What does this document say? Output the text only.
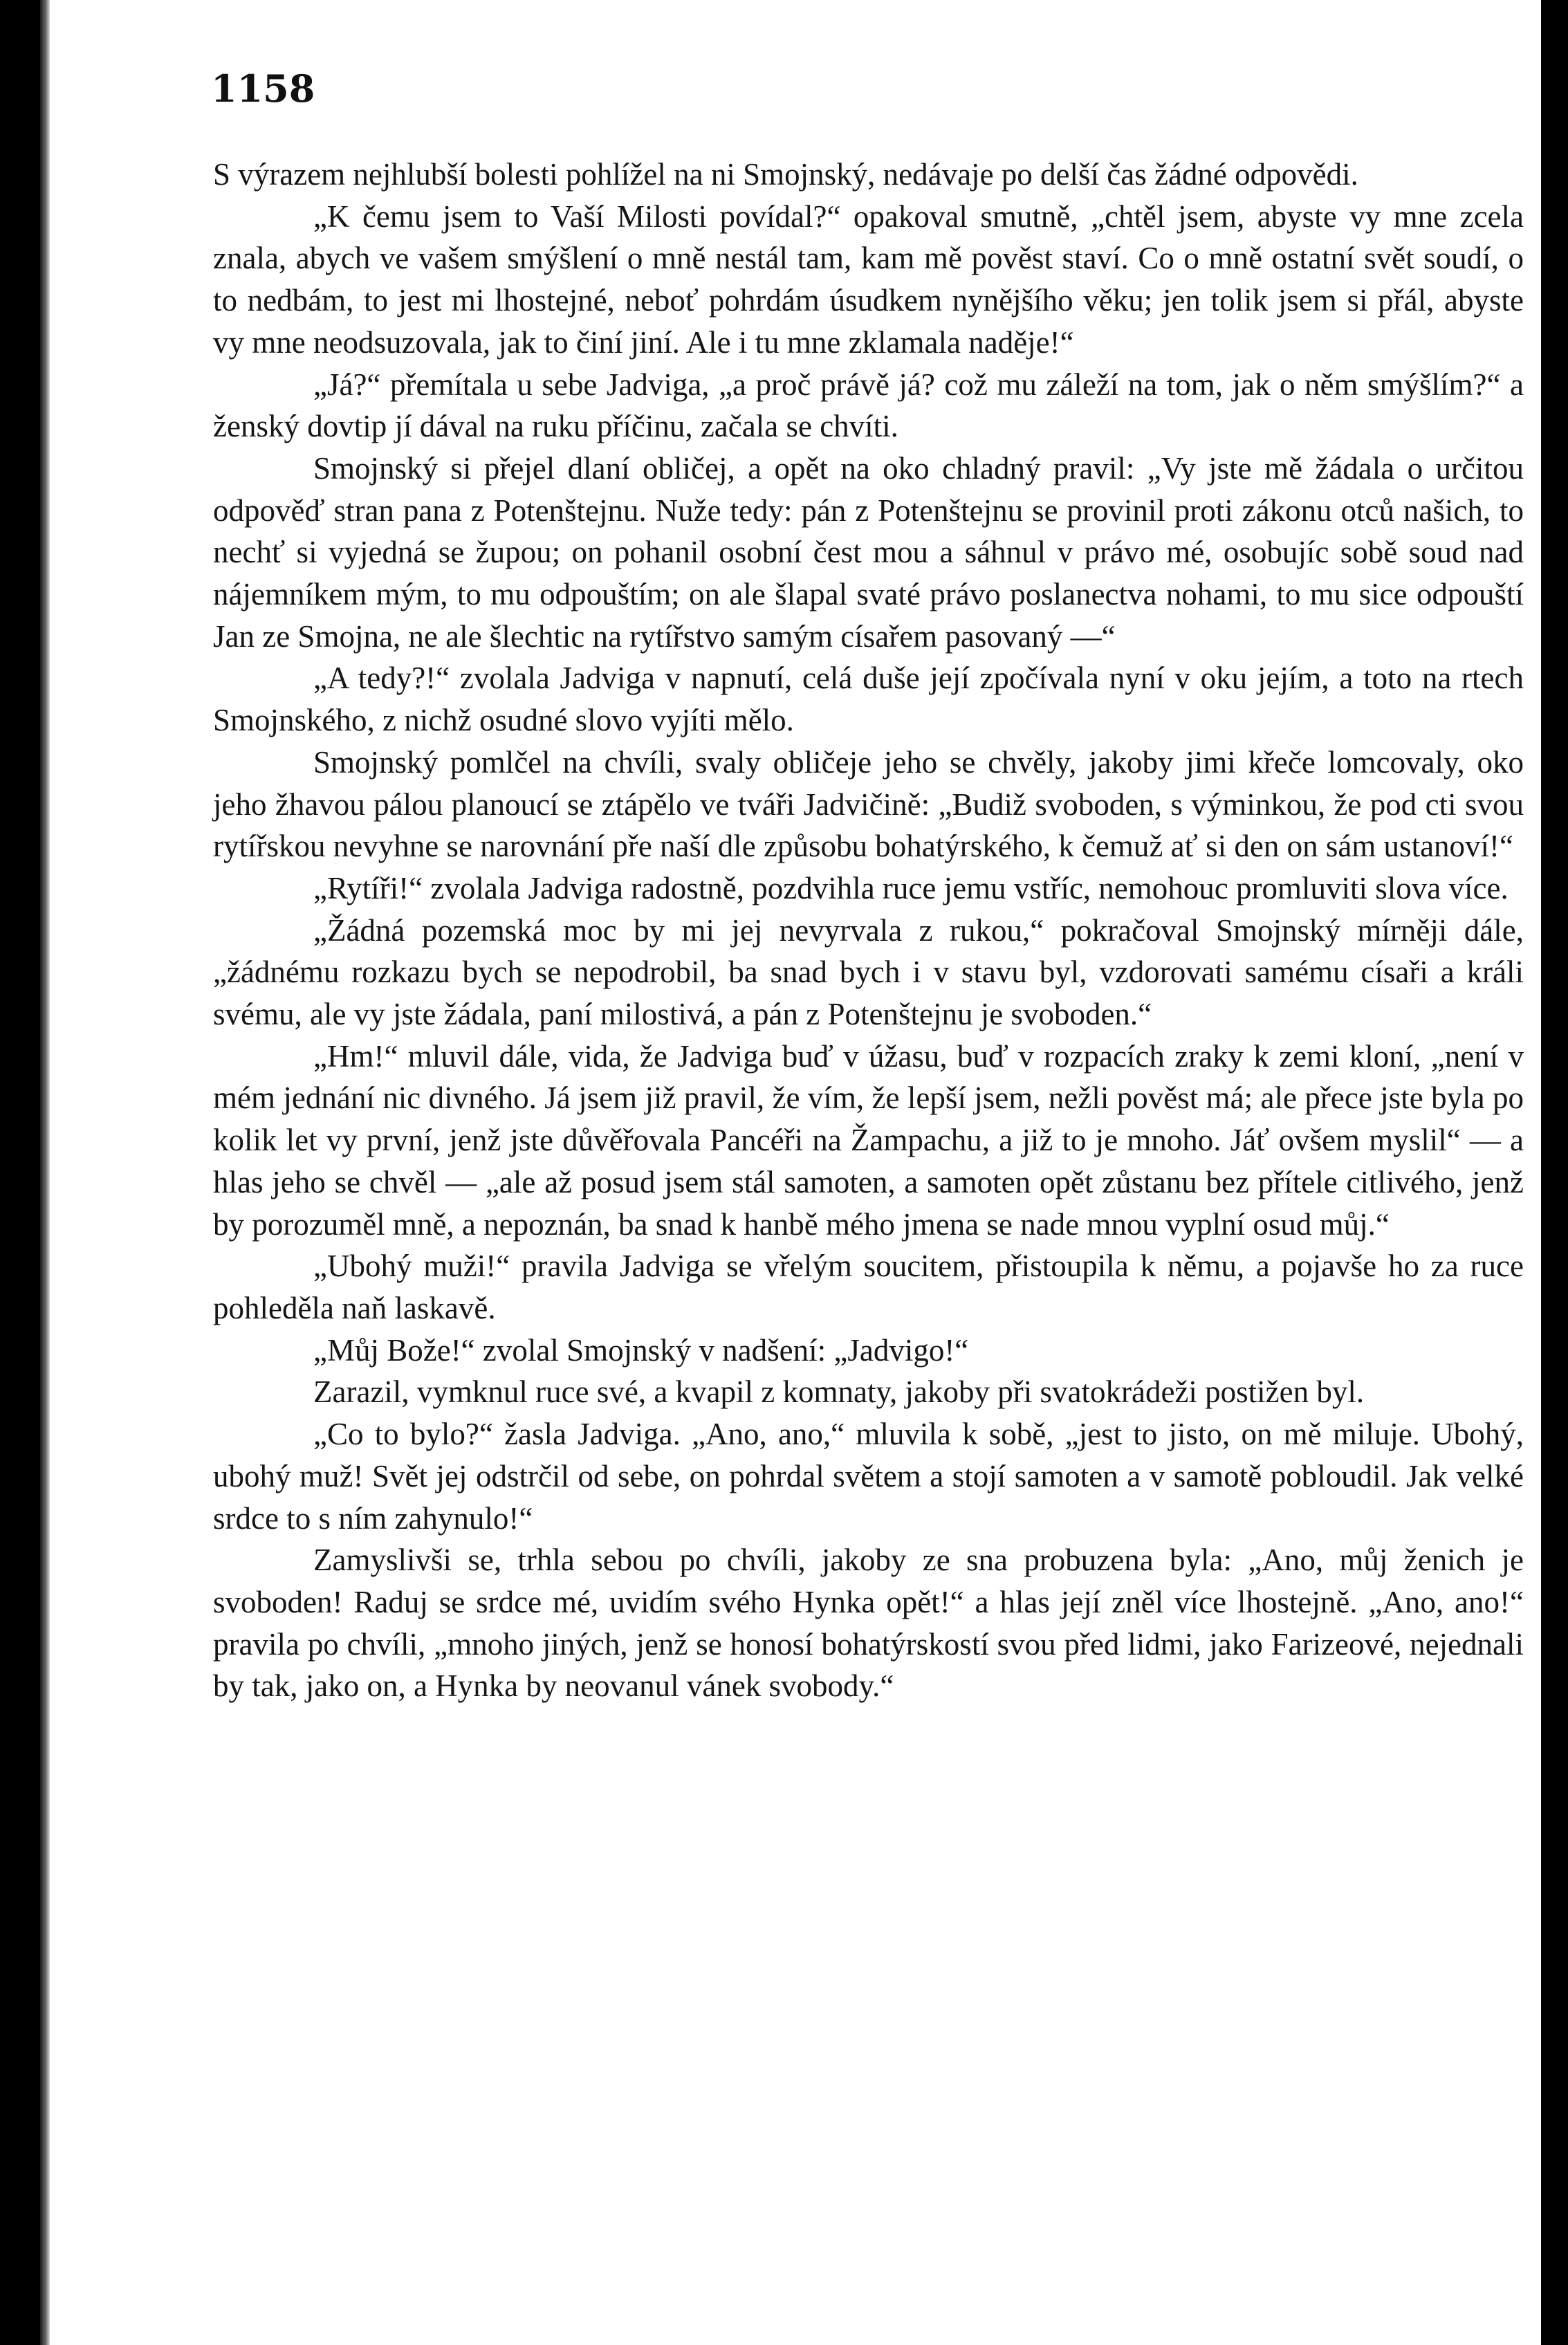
1158

S výrazem nejhlubší bolesti pohlížel na ni Smojnský, nedávaje po delší čas žádné odpovědi.

„K čemu jsem to Vaší Milosti povídal?“ opakoval smutně, „chtěl jsem, abyste vy mne zcela znala, abych ve vašem smýšlení o mně nestál tam, kam mě pověst staví. Co o mně ostatní svět soudí, o to nedbám, to jest mi lhostejné, neboť pohrdám úsudkem nynějšího věku; jen tolik jsem si přál, abyste vy mne neodsuzovala, jak to činí jiní. Ale i tu mne zklamala naděje!“

„Já?“ přemítala u sebe Jadviga, „a proč právě já? což mu záleží na tom, jak o něm smýšlím?“ a ženský dovtip jí dával na ruku příčinu, začala se chvíti.

Smojnský si přejel dlaní obličej, a opět na oko chladný pravil: „Vy jste mě žádala o určitou odpověď stran pana z Potenštejnu. Nuže tedy: pán z Potenštejnu se provinil proti zákonu otců našich, to nechť si vyjedná se župou; on pohanil osobní čest mou a sáhnul v právo mé, osobujíc sobě soud nad nájemníkem mým, to mu odpouštím; on ale šlapal svaté právo poslanectva nohami, to mu sice odpouští Jan ze Smojna, ne ale šlechtic na rytířstvo samým císařem pasovaný —“

„A tedy?!“ zvolala Jadviga v napnutí, celá duše její zpočívala nyní v oku jejím, a toto na rtech Smojnského, z nichž osudné slovo vyjíti mělo.

Smojnský pomlčel na chvíli, svaly obličeje jeho se chvěly, jakoby jimi křeče lomcovaly, oko jeho žhavou pálou planoucí se ztápělo ve tváři Jadvičině: „Budiž svoboden, s výminkou, že pod cti svou rytířskou nevyhne se narovnání pře naší dle způsobu bohatýrského, k čemuž ať si den on sám ustanoví!“

„Rytíři!“ zvolala Jadviga radostně, pozdvihla ruce jemu vstříc, nemohouc promluviti slova více.

„Žádná pozemská moc by mi jej nevyrvala z rukou,“ pokračoval Smojnský mírněji dále, „žádnému rozkazu bych se nepodrobil, ba snad bych i v stavu byl, vzdorovati samému císaři a králi svému, ale vy jste žádala, paní milostivá, a pán z Potenštejnu je svoboden.“

„Hm!“ mluvil dále, vida, že Jadviga buď v úžasu, buď v rozpacích zraky k zemi kloní, „není v mém jednání nic divného. Já jsem již pravil, že vím, že lepší jsem, nežli pověst má; ale přece jste byla po kolik let vy první, jenž jste důvěřovala Pancéři na Žampachu, a již to je mnoho. Jáť ovšem myslil“ — a hlas jeho se chvěl — „ale až posud jsem stál samoten, a samoten opět zůstanu bez přítele citlivého, jenž by porozuměl mně, a nepoznán, ba snad k hanbě mého jmena se nade mnou vyplní osud můj.“

„Ubohý muži!“ pravila Jadviga se vřelým soucitem, přistoupila k němu, a pojavše ho za ruce pohleděla naň laskavě.

„Můj Bože!“ zvolal Smojnský v nadšení: „Jadvigo!“

Zarazil, vymknul ruce své, a kvapil z komnaty, jakoby při svatokrádeži postižen byl.

„Co to bylo?“ žasla Jadviga. „Ano, ano,“ mluvila k sobě, „jest to jisto, on mě miluje. Ubohý, ubohý muž! Svět jej odstrčil od sebe, on pohrdal světem a stojí samoten a v samotě pobloudil. Jak velké srdce to s ním zahynulo!“

Zamyslivši se, trhla sebou po chvíli, jakoby ze sna probuzena byla: „Ano, můj ženich je svoboden! Raduj se srdce mé, uvidím svého Hynka opět!“ a hlas její zněl více lhostejně. „Ano, ano!“ pravila po chvíli, „mnoho jiných, jenž se honosí bohatýrskostí svou před lidmi, jako Farizeové, nejednali by tak, jako on, a Hynka by neovanul vánek svobody.“
